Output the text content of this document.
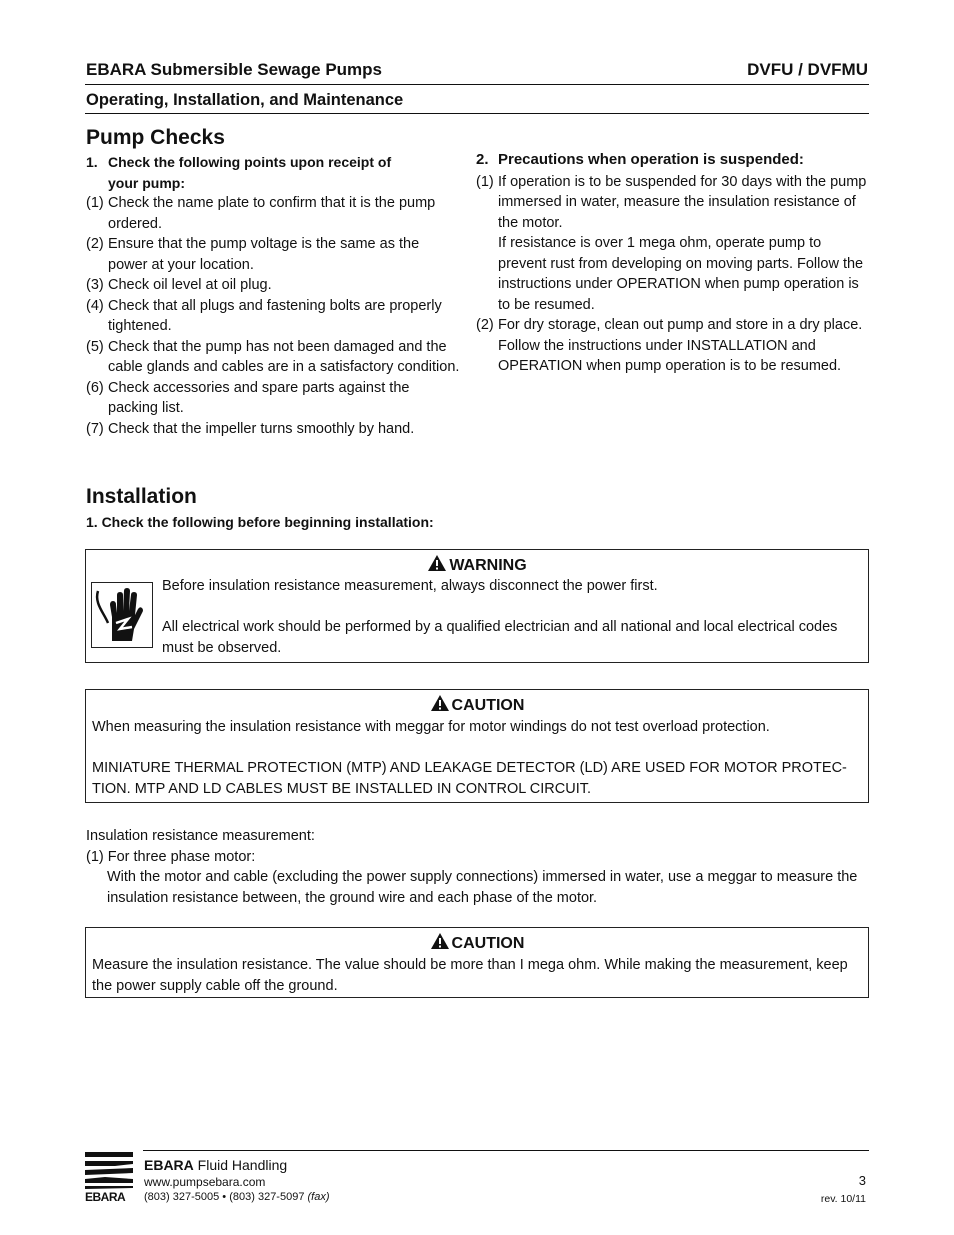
EBARA Submersible Sewage Pumps	DVFU / DVFMU
Operating, Installation, and Maintenance
Pump Checks
1. Check the following points upon receipt of
your pump:
(1) Check the name plate to confirm that it is the pump ordered.
(2) Ensure that the pump voltage is the same as the power at your location.
(3) Check oil level at oil plug.
(4) Check that all plugs and fastening bolts are properly tightened.
(5) Check that the pump has not been damaged and the cable glands and cables are in a satisfactory condition.
(6) Check accessories and spare parts against the packing list.
(7) Check that the impeller turns smoothly by hand.
2. Precautions when operation is suspended:
(1) If operation is to be suspended for 30 days with the pump immersed in water, measure the insulation resistance of the motor.
If resistance is over 1 mega ohm, operate pump to prevent rust from developing on moving parts. Follow the instructions under OPERATION when pump operation is to be resumed.
(2) For dry storage, clean out pump and store in a dry place. Follow the instructions under INSTALLATION and OPERATION when pump operation is to be resumed.
Installation
1. Check the following before beginning installation:
WARNING
Before insulation resistance measurement, always disconnect the power first.
All electrical work should be performed by a qualified electrician and all national and local electrical codes must be observed.
CAUTION
When measuring the insulation resistance with meggar for motor windings do not test overload protection.
MINIATURE THERMAL PROTECTION (MTP) AND LEAKAGE DETECTOR (LD) ARE USED FOR MOTOR PROTEC-TION. MTP AND LD CABLES MUST BE INSTALLED IN CONTROL CIRCUIT.
Insulation resistance measurement:
(1) For three phase motor:
With the motor and cable (excluding the power supply connections) immersed in water, use a meggar to measure the insulation resistance between, the ground wire and each phase of the motor.
CAUTION
Measure the insulation resistance. The value should be more than I mega ohm. While making the measurement, keep the power supply cable off the ground.
EBARA
EBARA Fluid Handling
www.pumpsebara.com
(803) 327-5005 • (803) 327-5097 (fax)
3
rev. 10/11
